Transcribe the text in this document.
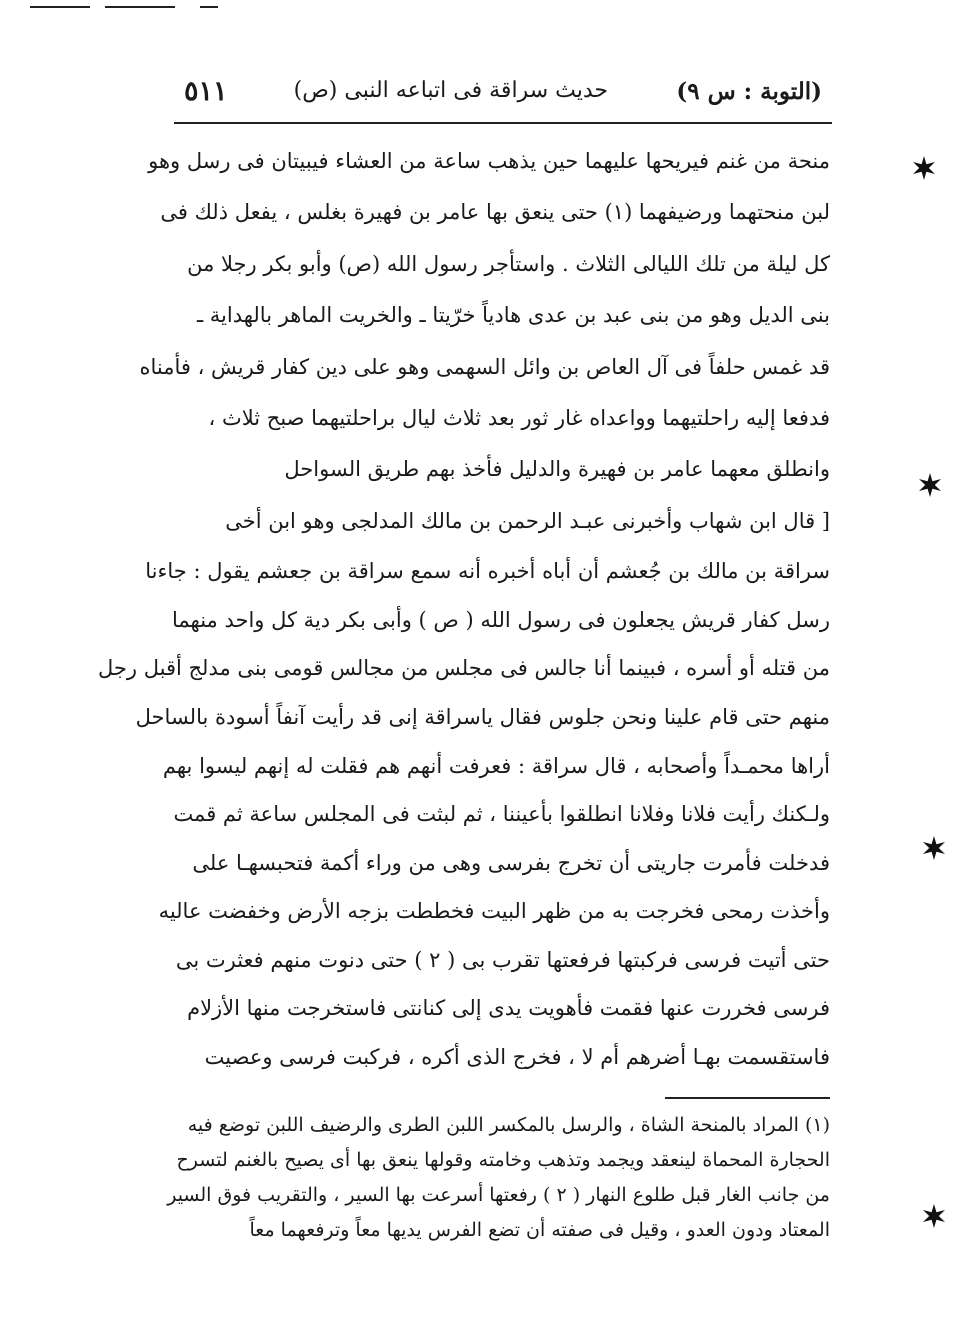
(التوبة : س ٩)
حديث سراقة فى اتباعه النبى (ص)
٥١١
منحة من غنم فيريحها عليهما حين يذهب ساعة من العشاء فيبيتان فى رسل وهو
لبن منحتهما ورضيفهما (١) حتى ينعق بها عامر بن فهيرة بغلس ، يفعل ذلك فى
كل ليلة من تلك الليالى الثلاث . واستأجر رسول الله (ص) وأبو بكر رجلا من
بنى الديل وهو من بنى عبد بن عدى هادياً خرّيتا ـ والخريت الماهر بالهداية ـ
قد غمس حلفاً فى آل العاص بن وائل السهمى وهو على دين كفار قريش ، فأمناه
فدفعا إليه راحلتيهما وواعداه غار ثور بعد ثلاث ليال براحلتيهما صبح ثلاث ،
وانطلق معهما عامر بن فهيرة والدليل فأخذ بهم طريق السواحل
[ قال ابن شهاب وأخبرنى عبـد الرحمن بن مالك المدلجى وهو ابن أخى
سراقة بن مالك بن جُعشم أن أباه أخبره أنه سمع سراقة بن جعشم يقول : جاءنا
رسل كفار قريش يجعلون فى رسول الله ( ص ) وأبى بكر دية كل واحد منهما
من قتله أو أسره ، فبينما أنا جالس فى مجلس من مجالس قومى بنى مدلج أقبل رجل
منهم حتى قام علينا ونحن جلوس فقال ياسراقة إنى قد رأيت آنفاً أسودة بالساحل
أراها محمـداً وأصحابه ، قال سراقة : فعرفت أنهم هم فقلت له إنهم ليسوا بهم
ولـكنك رأيت فلانا وفلانا انطلقوا بأعيننا ، ثم لبثت فى المجلس ساعة ثم قمت
فدخلت فأمرت جاريتى أن تخرج بفرسى وهى من وراء أكمة فتحبسهـا على
وأخذت رمحى فخرجت به من ظهر البيت فخططت بزجه الأرض وخفضت عاليه
حتى أتيت فرسى فركبتها فرفعتها تقرب بى ( ٢ ) حتى دنوت منهم فعثرت بى
فرسى فخررت عنها فقمت فأهويت يدى إلى كنانتى فاستخرجت منها الأزلام
فاستقسمت بهـا أضرهم أم لا ، فخرج الذى أكره ، فركبت فرسى وعصيت
(١) المراد بالمنحة الشاة ، والرسل بالمكسر اللبن الطرى والرضيف اللبن توضع فيه
الحجارة المحماة لينعقد ويجمد وتذهب وخامته وقولها ينعق بها أى يصيح بالغنم لتسرح
من جانب الغار قبل طلوع النهار ( ٢ ) رفعتها أسرعت بها السير ، والتقريب فوق السير
المعتاد ودون العدو ، وقيل فى صفته أن تضع الفرس يديها معاً وترفعهما معاً
